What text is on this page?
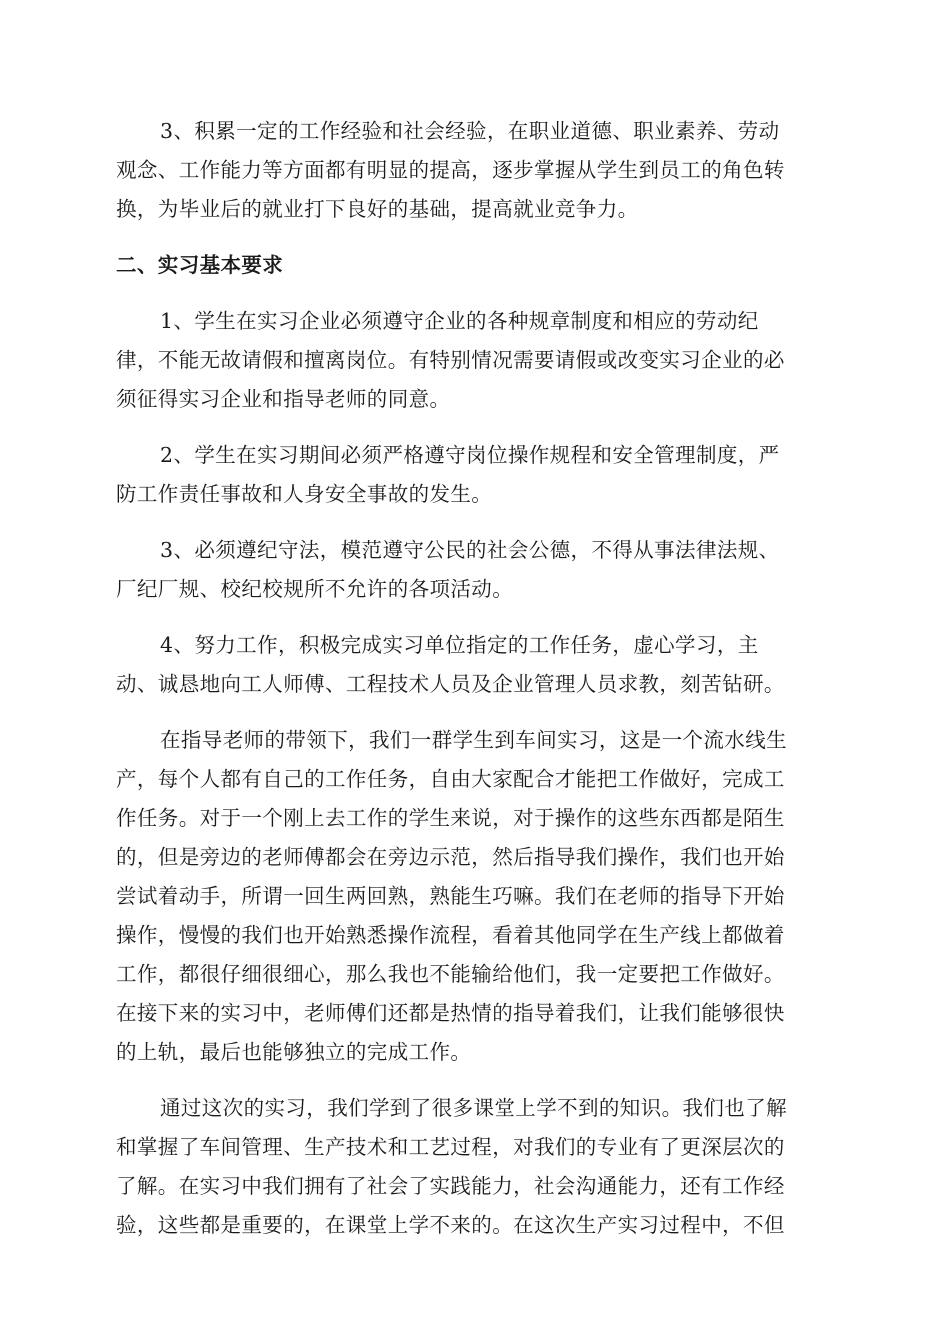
3、积累一定的工作经验和社会经验，在职业道德、职业素养、劳动
观念、工作能力等方面都有明显的提高，逐步掌握从学生到员工的角色转
换，为毕业后的就业打下良好的基础，提高就业竞争力。

二、实习基本要求

1、学生在实习企业必须遵守企业的各种规章制度和相应的劳动纪
律，不能无故请假和擅离岗位。有特别情况需要请假或改变实习企业的必
须征得实习企业和指导老师的同意。

2、学生在实习期间必须严格遵守岗位操作规程和安全管理制度，严
防工作责任事故和人身安全事故的发生。

3、必须遵纪守法，模范遵守公民的社会公德，不得从事法律法规、
厂纪厂规、校纪校规所不允许的各项活动。

4、努力工作，积极完成实习单位指定的工作任务，虚心学习，主
动、诚恳地向工人师傅、工程技术人员及企业管理人员求教，刻苦钻研。

在指导老师的带领下，我们一群学生到车间实习，这是一个流水线生
产，每个人都有自己的工作任务，自由大家配合才能把工作做好，完成工
作任务。对于一个刚上去工作的学生来说，对于操作的这些东西都是陌生
的，但是旁边的老师傅都会在旁边示范，然后指导我们操作，我们也开始
尝试着动手，所谓一回生两回熟，熟能生巧嘛。我们在老师的指导下开始
操作，慢慢的我们也开始熟悉操作流程，看着其他同学在生产线上都做着
工作，都很仔细很细心，那么我也不能输给他们，我一定要把工作做好。
在接下来的实习中，老师傅们还都是热情的指导着我们，让我们能够很快
的上轨，最后也能够独立的完成工作。

通过这次的实习，我们学到了很多课堂上学不到的知识。我们也了解
和掌握了车间管理、生产技术和工艺过程，对我们的专业有了更深层次的
了解。在实习中我们拥有了社会了实践能力，社会沟通能力，还有工作经
验，这些都是重要的，在课堂上学不来的。在这次生产实习过程中，不但
